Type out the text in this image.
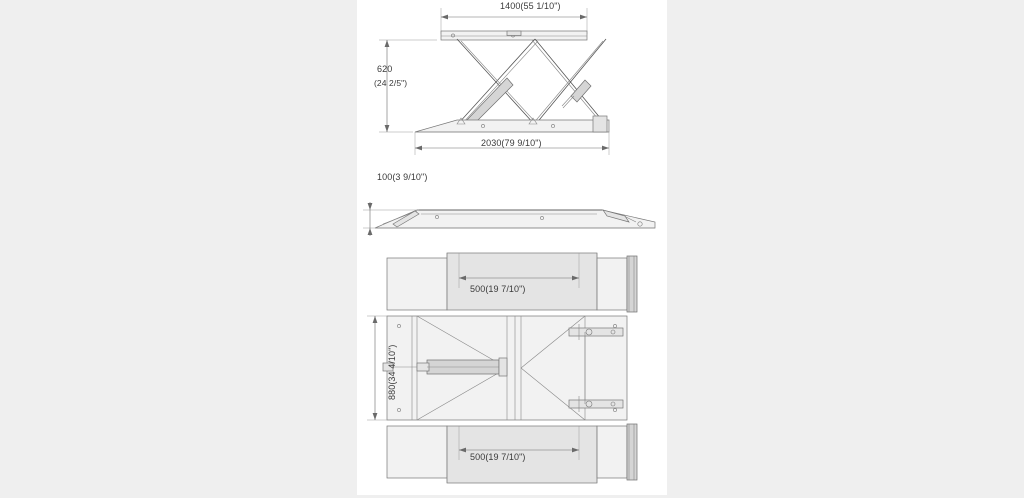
1400(55 1/10")
620
(24 2/5")
2030(79 9/10")
100(3 9/10")
500(19 7/10")
500(19 7/10")
880(34 4/10")
